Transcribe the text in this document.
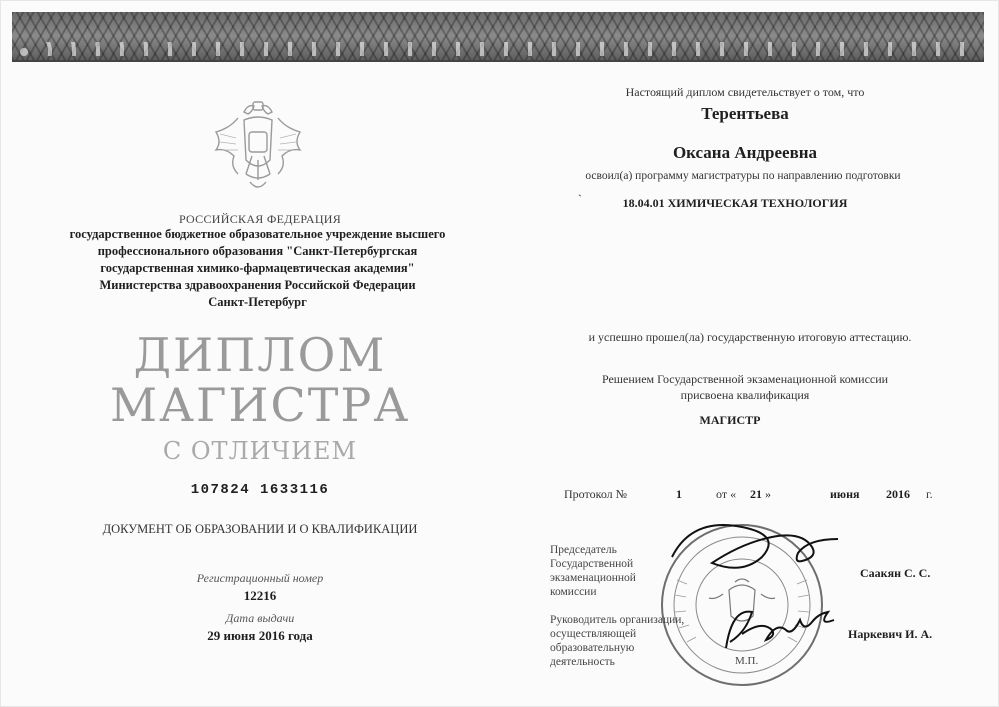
РОССИЙСКАЯ ФЕДЕРАЦИЯ
государственное бюджетное образовательное учреждение высшего
профессионального образования "Санкт-Петербургская
государственная химико-фармацевтическая академия"
Министерства здравоохранения Российской Федерации
Санкт-Петербург
ДИПЛОМ
МАГИСТРА
С ОТЛИЧИЕМ
107824 1633116
ДОКУМЕНТ ОБ ОБРАЗОВАНИИ И О КВАЛИФИКАЦИИ
Регистрационный номер
12216
Дата выдачи
29 июня 2016 года
Настоящий диплом свидетельствует о том, что
Терентьева
Оксана Андреевна
освоил(а) программу магистратуры по направлению подготовки
`	18.04.01 ХИМИЧЕСКАЯ ТЕХНОЛОГИЯ
и успешно прошел(ла) государственную итоговую аттестацию.
Решением Государственной экзаменационной комиссии
присвоена квалификация
МАГИСТР
Протокол №	1	от « 21 »	июня 2016 г.
Председатель Государственной экзаменационной комиссии
Саакян С. С.
Руководитель организации, осуществляющей образовательную деятельность
Наркевич И. А.
М.П.
